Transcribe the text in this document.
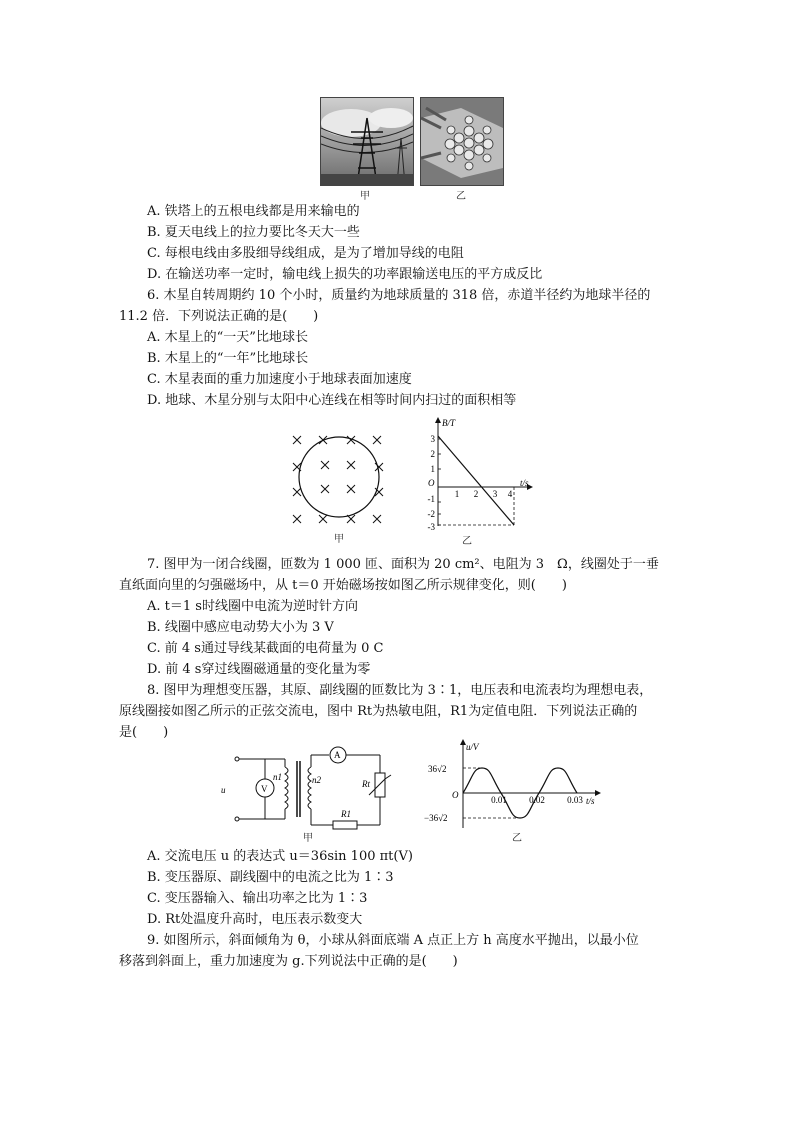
甲	乙
A. 铁塔上的五根电线都是用来输电的
B. 夏天电线上的拉力要比冬天大一些
C. 每根电线由多股细导线组成，是为了增加导线的电阻
D. 在输送功率一定时，输电线上损失的功率跟输送电压的平方成反比
6. 木星自转周期约 10 个小时，质量约为地球质量的 318 倍，赤道半径约为地球半径的
11.2 倍．下列说法正确的是(　　)
A. 木星上的“一天”比地球长
B. 木星上的“一年”比地球长
C. 木星表面的重力加速度小于地球表面加速度
D. 地球、木星分别与太阳中心连线在相等时间内扫过的面积相等
甲
B/T
t/s
O
3
2
1
-1
-2
-3
1 2 3 4
乙
7. 图甲为一闭合线圈，匝数为 1 000 匝、面积为 20 cm²、电阻为 3　Ω，线圈处于一垂
直纸面向里的匀强磁场中，从 t＝0 开始磁场按如图乙所示规律变化，则(　　)
A. t＝1 s时线圈中电流为逆时针方向
B. 线圈中感应电动势大小为 3 V
C. 前 4 s通过导线某截面的电荷量为 0 C
D. 前 4 s穿过线圈磁通量的变化量为零
8. 图甲为理想变压器，其原、副线圈的匝数比为 3∶1，电压表和电流表均为理想电表，
原线圈接如图乙所示的正弦交流电，图中 Rt为热敏电阻，R1为定值电阻．下列说法正确的
是(　　)
u
n1	n2	Rt
R1
V
A
甲
u/V
t/s
O
36√2
−36√2
0.01 0.02 0.03
乙
A. 交流电压 u 的表达式 u＝36sin 100 πt(V)
B. 变压器原、副线圈中的电流之比为 1∶3
C. 变压器输入、输出功率之比为 1∶3
D. Rt处温度升高时，电压表示数变大
9. 如图所示，斜面倾角为 θ，小球从斜面底端 A 点正上方 h 高度水平抛出，以最小位
移落到斜面上，重力加速度为 g.下列说法中正确的是(　　)
